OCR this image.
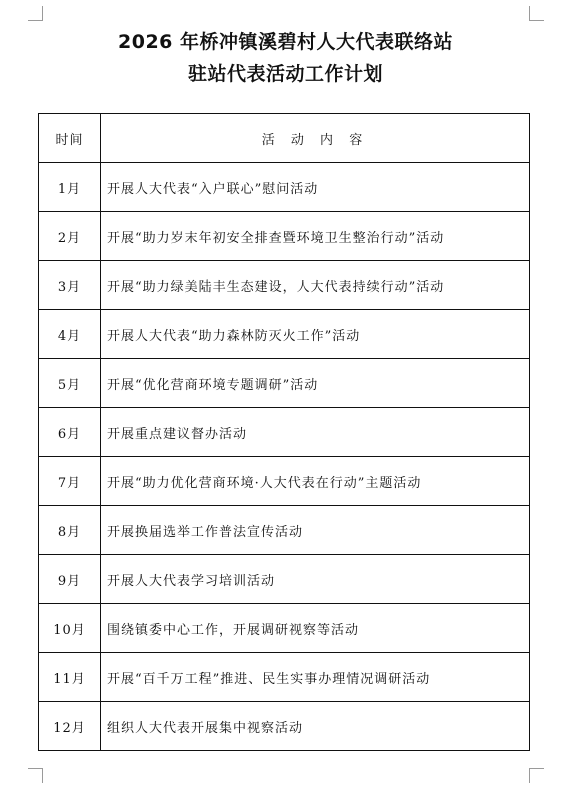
2026 年桥冲镇溪碧村人大代表联络站
驻站代表活动工作计划
时间	活 动 内 容
1月	开展人大代表“入户联心”慰问活动
2月	开展“助力岁末年初安全排查暨环境卫生整治行动”活动
3月	开展“助力绿美陆丰生态建设，人大代表持续行动”活动
4月	开展人大代表“助力森林防灭火工作”活动
5月	开展“优化营商环境专题调研”活动
6月	开展重点建议督办活动
7月	开展“助力优化营商环境·人大代表在行动”主题活动
8月	开展换届选举工作普法宣传活动
9月	开展人大代表学习培训活动
10月	围绕镇委中心工作，开展调研视察等活动
11月	开展“百千万工程”推进、民生实事办理情况调研活动
12月	组织人大代表开展集中视察活动
